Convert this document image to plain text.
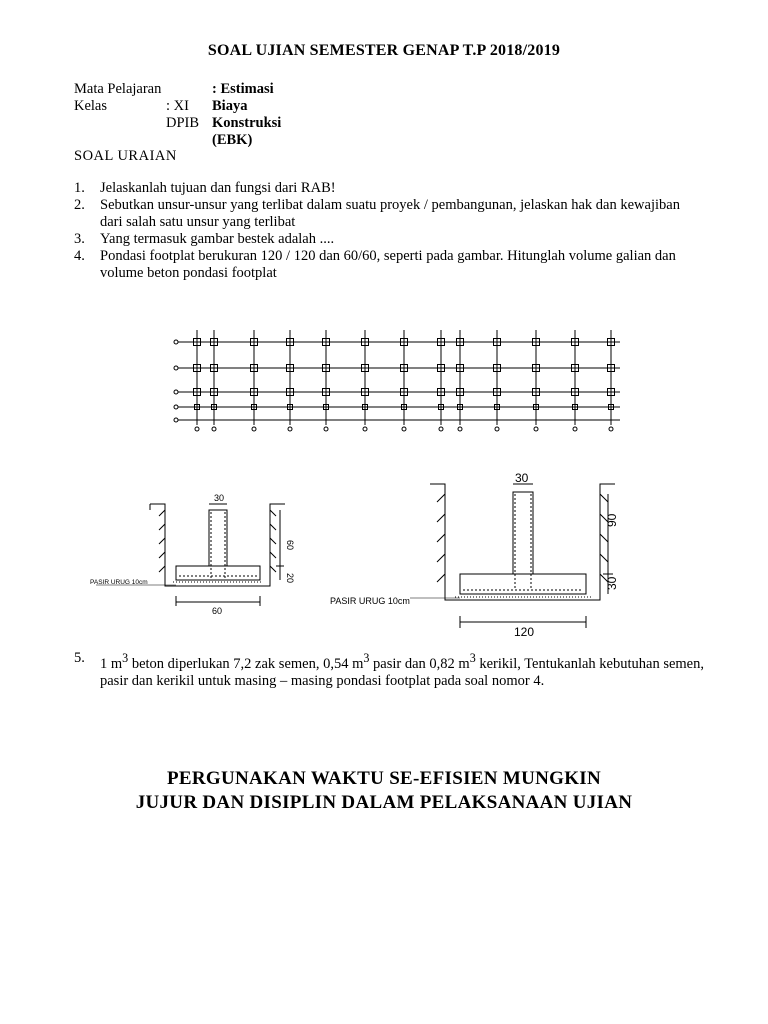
SOAL UJIAN SEMESTER GENAP T.P 2018/2019
Mata Pelajaran	: Estimasi Biaya Konstruksi (EBK)
Kelas	: XI DPIB
SOAL URAIAN
1. Jelaskanlah tujuan dan fungsi dari RAB!
2. Sebutkan unsur-unsur yang terlibat dalam suatu proyek / pembangunan, jelaskan hak dan kewajiban dari salah satu unsur yang terlibat
3. Yang termasuk gambar bestek adalah ....
4. Pondasi footplat berukuran 120 / 120 dan 60/60, seperti pada gambar. Hitunglah volume galian dan volume beton pondasi footplat
30
60
20
60
PASIR URUG 10cm
30
90
30
120
PASIR URUG 10cm
5.	1 $m^3$ beton diperlukan 7,2 zak semen, 0,54 $m^3$ pasir dan 0,82 $m^3$ kerikil, Tentukanlah kebutuhan semen, pasir dan kerikil untuk masing – masing pondasi footplat pada soal nomor 4.
PERGUNAKAN WAKTU SE-EFISIEN MUNGKIN
JUJUR DAN DISIPLIN DALAM PELAKSANAAN UJIAN
